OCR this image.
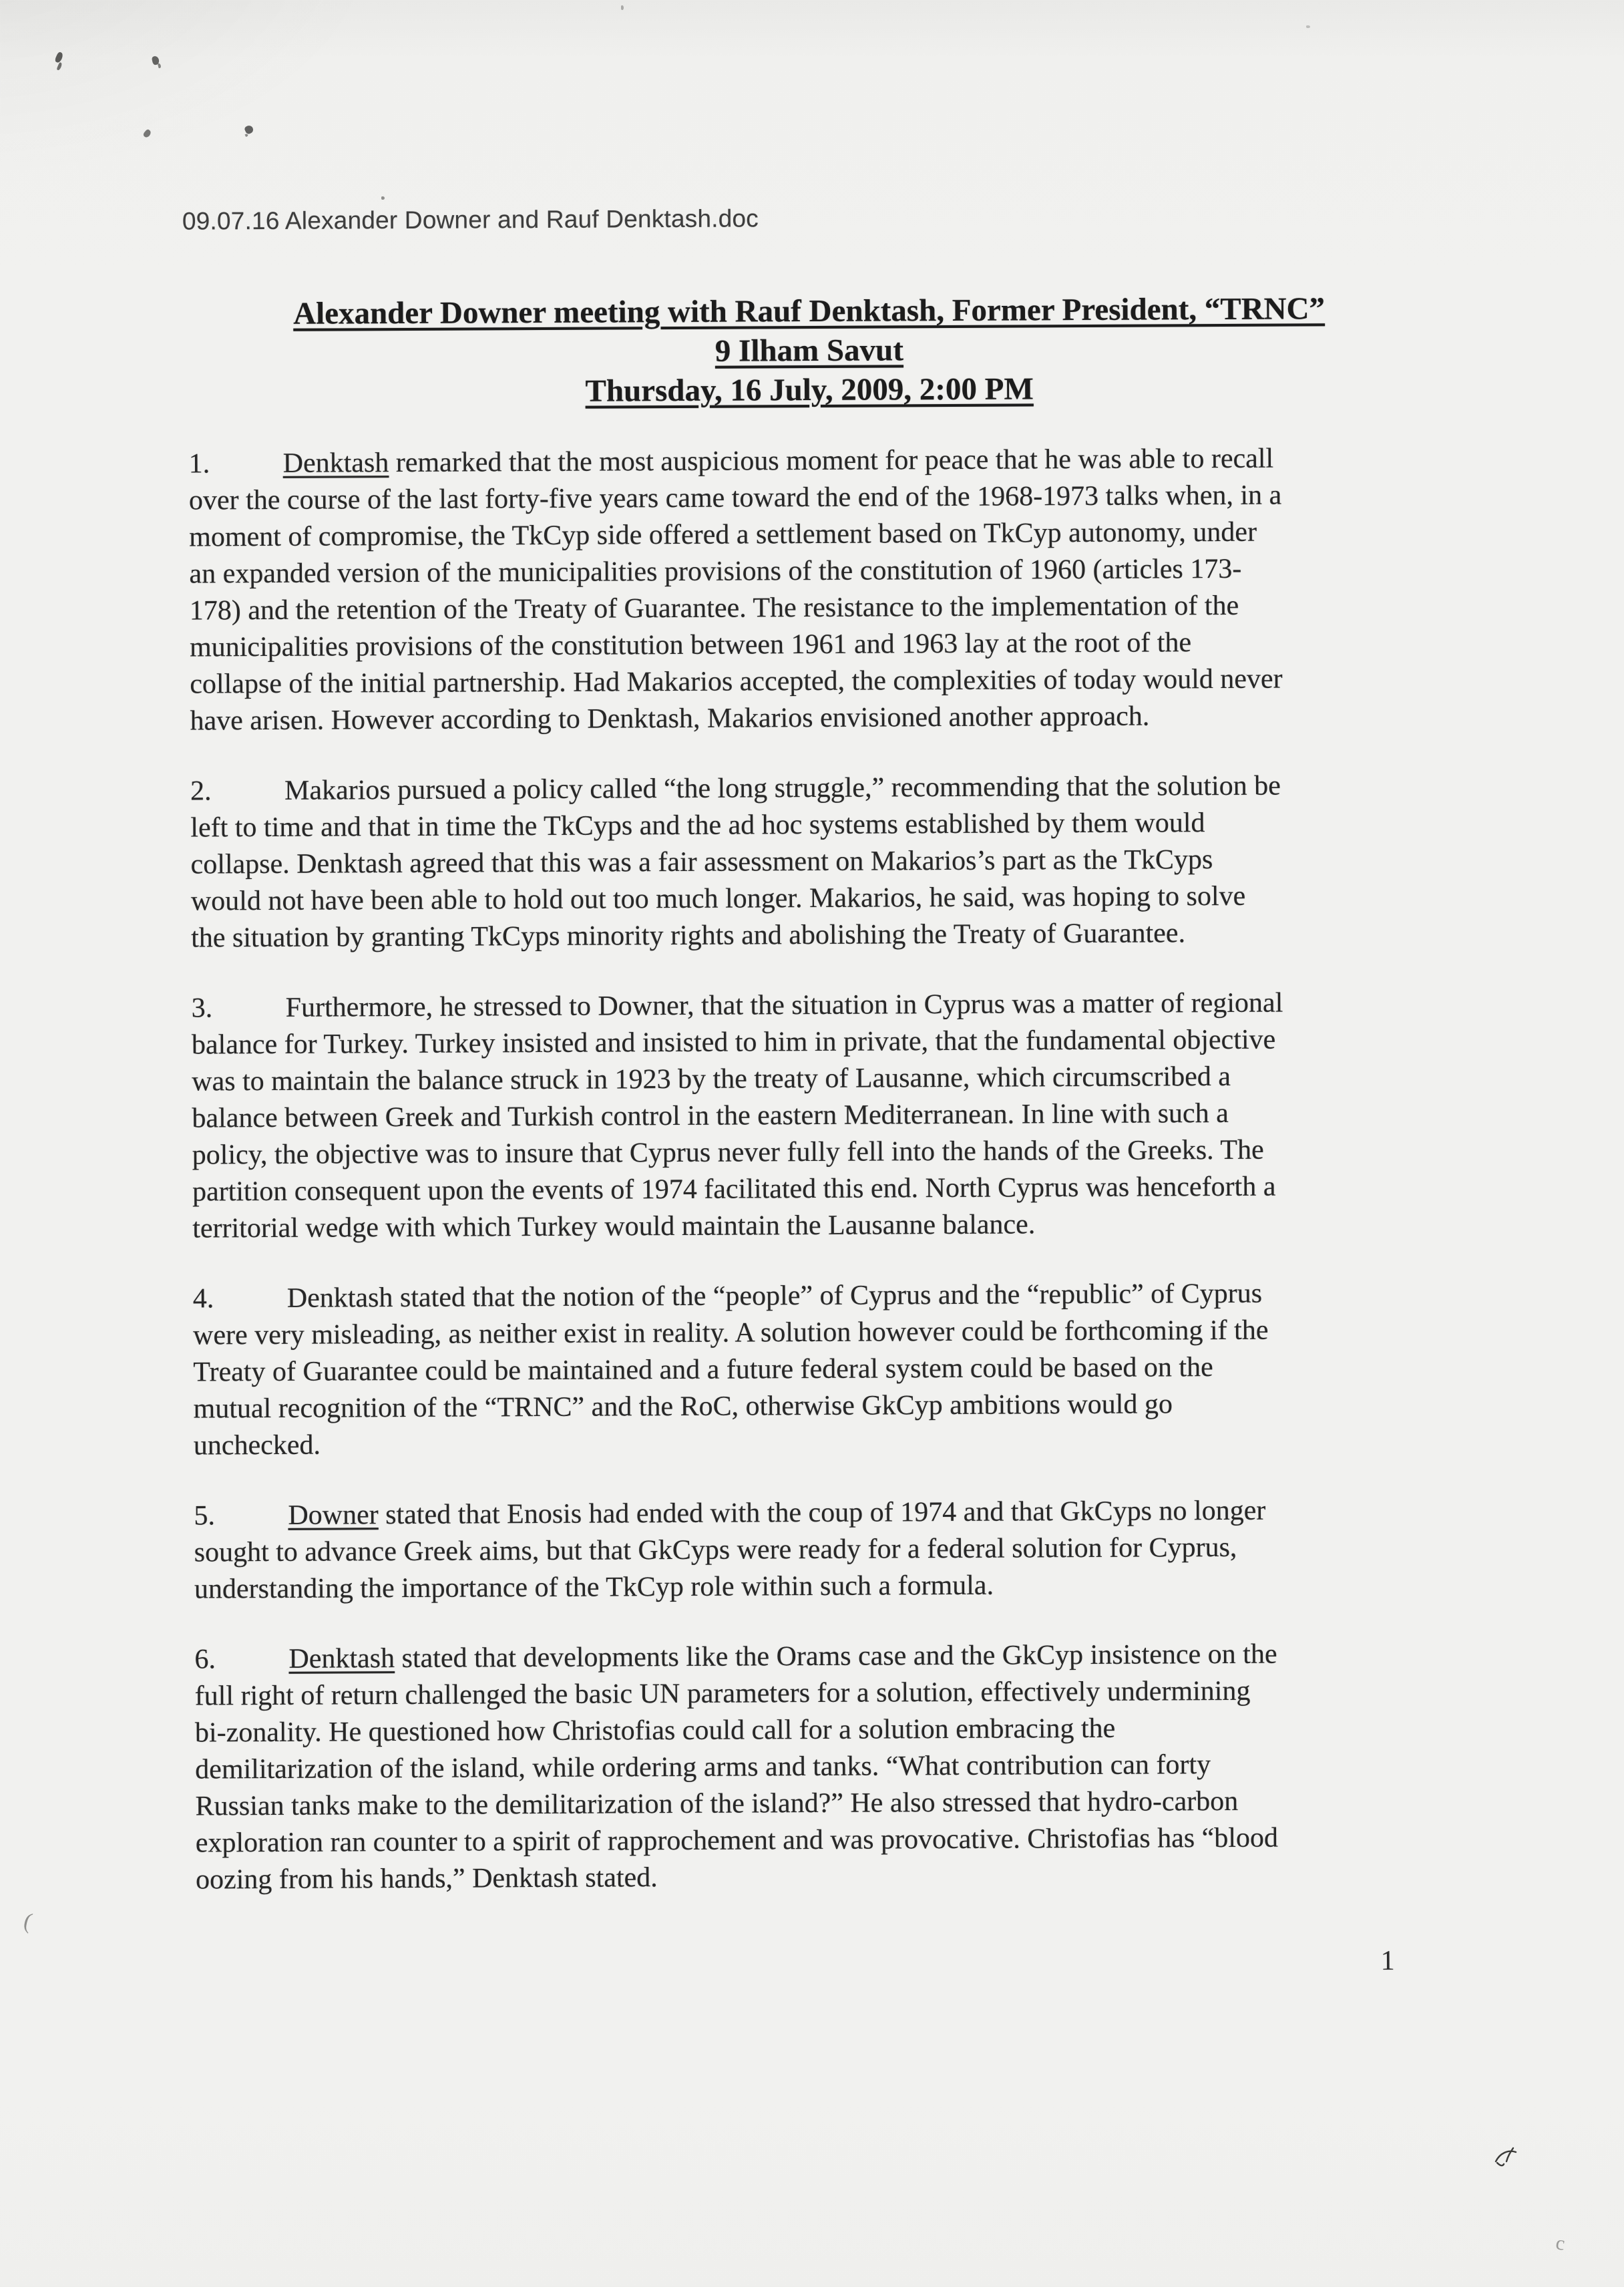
09.07.16 Alexander Downer and Rauf Denktash.doc
Alexander Downer meeting with Rauf Denktash, Former President, “TRNC”
9 Ilham Savut
Thursday, 16 July, 2009, 2:00 PM
1.	Denktash remarked that the most auspicious moment for peace that he was able to recall
over the course of the last forty-five years came toward the end of the 1968-1973 talks when, in a
moment of compromise, the TkCyp side offered a settlement based on TkCyp autonomy, under
an expanded version of the municipalities provisions of the constitution of 1960 (articles 173-
178) and the retention of the Treaty of Guarantee. The resistance to the implementation of the
municipalities provisions of the constitution between 1961 and 1963 lay at the root of the
collapse of the initial partnership. Had Makarios accepted, the complexities of today would never
have arisen. However according to Denktash, Makarios envisioned another approach.
2.	Makarios pursued a policy called “the long struggle,” recommending that the solution be
left to time and that in time the TkCyps and the ad hoc systems established by them would
collapse. Denktash agreed that this was a fair assessment on Makarios’s part as the TkCyps
would not have been able to hold out too much longer. Makarios, he said, was hoping to solve
the situation by granting TkCyps minority rights and abolishing the Treaty of Guarantee.
3.	Furthermore, he stressed to Downer, that the situation in Cyprus was a matter of regional
balance for Turkey. Turkey insisted and insisted to him in private, that the fundamental objective
was to maintain the balance struck in 1923 by the treaty of Lausanne, which circumscribed a
balance between Greek and Turkish control in the eastern Mediterranean. In line with such a
policy, the objective was to insure that Cyprus never fully fell into the hands of the Greeks. The
partition consequent upon the events of 1974 facilitated this end. North Cyprus was henceforth a
territorial wedge with which Turkey would maintain the Lausanne balance.
4.	Denktash stated that the notion of the “people” of Cyprus and the “republic” of Cyprus
were very misleading, as neither exist in reality. A solution however could be forthcoming if the
Treaty of Guarantee could be maintained and a future federal system could be based on the
mutual recognition of the “TRNC” and the RoC, otherwise GkCyp ambitions would go
unchecked.
5.	Downer stated that Enosis had ended with the coup of 1974 and that GkCyps no longer
sought to advance Greek aims, but that GkCyps were ready for a federal solution for Cyprus,
understanding the importance of the TkCyp role within such a formula.
6.	Denktash stated that developments like the Orams case and the GkCyp insistence on the
full right of return challenged the basic UN parameters for a solution, effectively undermining
bi-zonality. He questioned how Christofias could call for a solution embracing the
demilitarization of the island, while ordering arms and tanks. “What contribution can forty
Russian tanks make to the demilitarization of the island?” He also stressed that hydro-carbon
exploration ran counter to a spirit of rapprochement and was provocative. Christofias has “blood
oozing from his hands,” Denktash stated.
1
c
(
